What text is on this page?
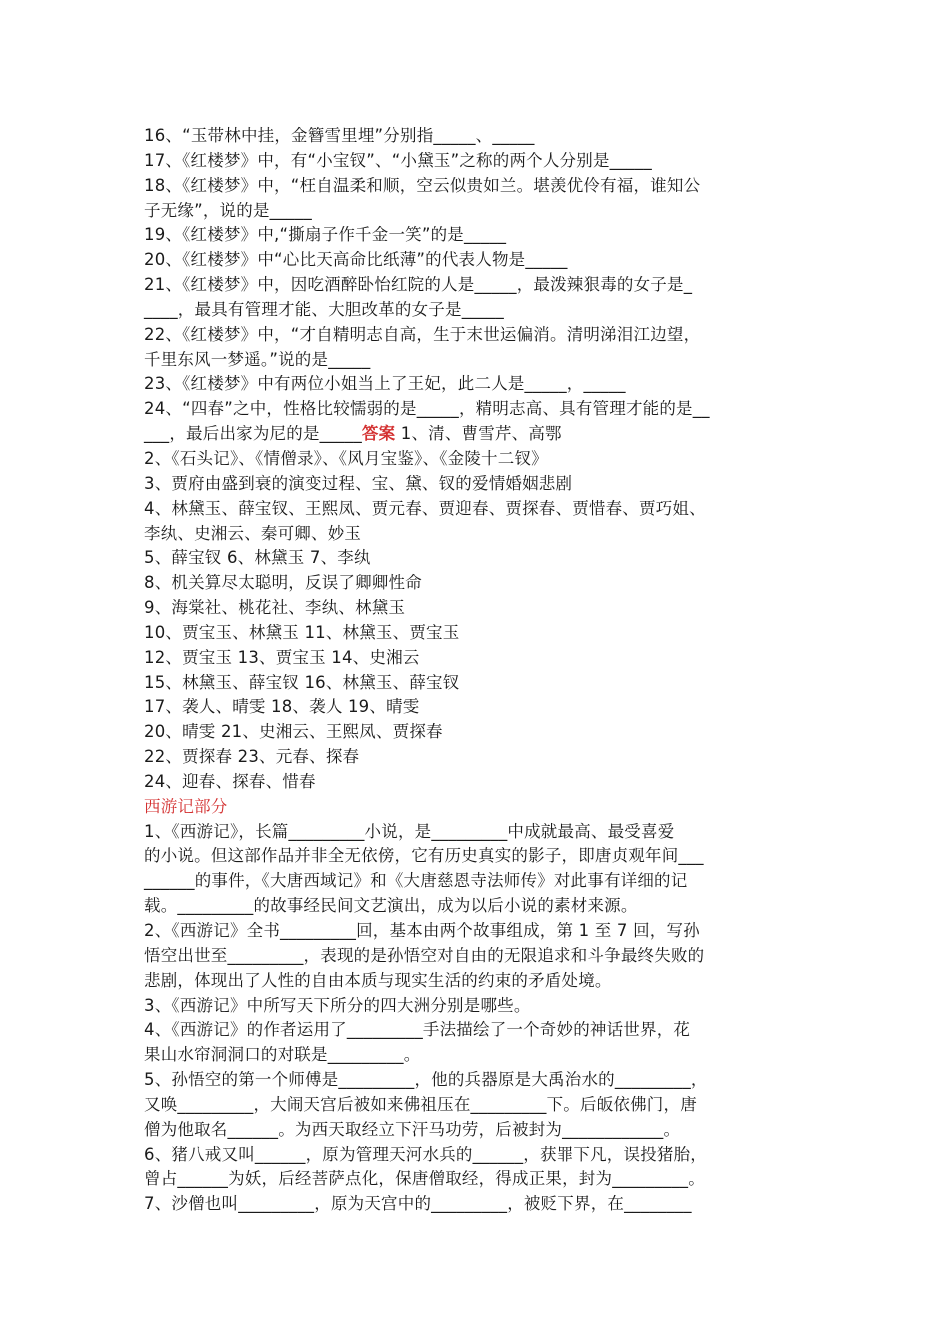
16、“玉带林中挂，金簪雪里埋”分别指_____、_____
17、《红楼梦》中，有“小宝钗”、“小黛玉”之称的两个人分别是_____
18、《红楼梦》中，“枉自温柔和顺，空云似贵如兰。堪羡优伶有福，谁知公
子无缘”，说的是_____
19、《红楼梦》中,“撕扇子作千金一笑”的是_____
20、《红楼梦》中“心比天高命比纸薄”的代表人物是_____
21、《红楼梦》中，因吃酒醉卧怡红院的人是_____，最泼辣狠毒的女子是_
____，最具有管理才能、大胆改革的女子是_____
22、《红楼梦》中，“才自精明志自高，生于末世运偏消。清明涕泪江边望，
千里东风一梦遥。”说的是_____
23、《红楼梦》中有两位小姐当上了王妃，此二人是_____，_____
24、“四春”之中，性格比较懦弱的是_____，精明志高、具有管理才能的是__
___，最后出家为尼的是_____答案 1、清、曹雪芹、高鄂
2、《石头记》、《情僧录》、《风月宝鉴》、《金陵十二钗》
3、贾府由盛到衰的演变过程、宝、黛、钗的爱情婚姻悲剧
4、林黛玉、薛宝钗、王熙凤、贾元春、贾迎春、贾探春、贾惜春、贾巧姐、
李纨、史湘云、秦可卿、妙玉
5、薛宝钗 6、林黛玉 7、李纨
8、机关算尽太聪明，反误了卿卿性命
9、海棠社、桃花社、李纨、林黛玉
10、贾宝玉、林黛玉 11、林黛玉、贾宝玉
12、贾宝玉 13、贾宝玉 14、史湘云
15、林黛玉、薛宝钗 16、林黛玉、薛宝钗
17、袭人、晴雯 18、袭人 19、晴雯
20、晴雯 21、史湘云、王熙凤、贾探春
22、贾探春 23、元春、探春
24、迎春、探春、惜春
西游记部分
1、《西游记》，长篇_________小说，是_________中成就最高、最受喜爱
的小说。但这部作品并非全无依傍，它有历史真实的影子，即唐贞观年间___
______的事件，《大唐西域记》和《大唐慈恩寺法师传》对此事有详细的记
载。_________的故事经民间文艺演出，成为以后小说的素材来源。
2、《西游记》全书_________回，基本由两个故事组成，第 1 至 7 回，写孙
悟空出世至_________，表现的是孙悟空对自由的无限追求和斗争最终失败的
悲剧，体现出了人性的自由本质与现实生活的约束的矛盾处境。
3、《西游记》中所写天下所分的四大洲分别是哪些。
4、《西游记》的作者运用了_________手法描绘了一个奇妙的神话世界，花
果山水帘洞洞口的对联是_________。
5、孙悟空的第一个师傅是_________，他的兵器原是大禹治水的_________，
又唤_________，大闹天宫后被如来佛祖压在_________下。后皈依佛门，唐
僧为他取名______。为西天取经立下汗马功劳，后被封为____________。
6、猪八戒又叫______，原为管理天河水兵的______，获罪下凡，误投猪胎，
曾占______为妖，后经菩萨点化，保唐僧取经，得成正果，封为_________。
7、沙僧也叫_________，原为天宫中的_________，被贬下界，在________
